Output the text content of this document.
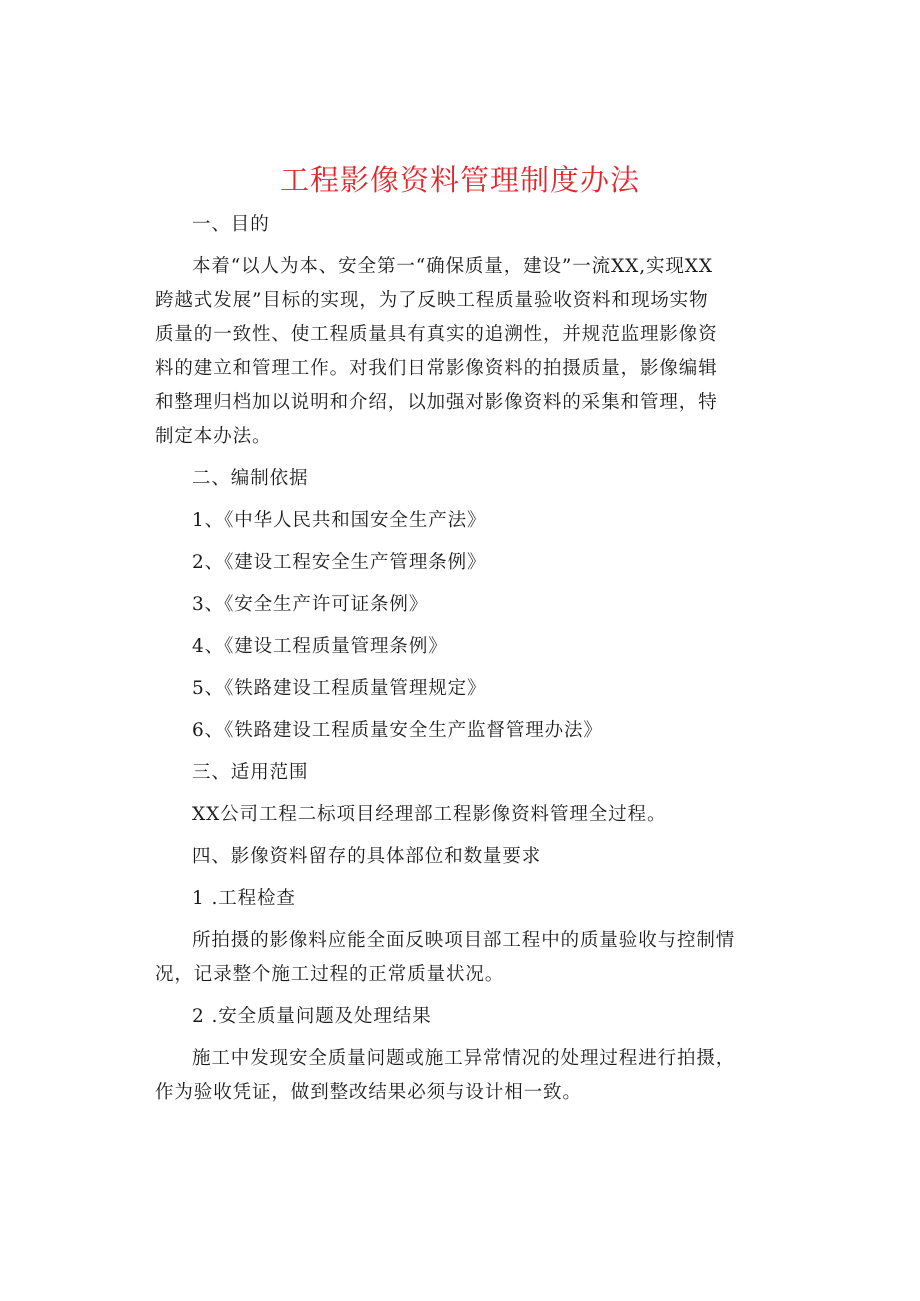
工程影像资料管理制度办法

一、目的

本着“以人为本、安全第一“确保质量，建设”一流XX,实现XX
跨越式发展”目标的实现，为了反映工程质量验收资料和现场实物
质量的一致性、使工程质量具有真实的追溯性，并规范监理影像资
料的建立和管理工作。对我们日常影像资料的拍摄质量，影像编辑
和整理归档加以说明和介绍，以加强对影像资料的采集和管理，特
制定本办法。

二、编制依据

1、《中华人民共和国安全生产法》

2、《建设工程安全生产管理条例》

3、《安全生产许可证条例》

4、《建设工程质量管理条例》

5、《铁路建设工程质量管理规定》

6、《铁路建设工程质量安全生产监督管理办法》

三、适用范围

XX公司工程二标项目经理部工程影像资料管理全过程。

四、影像资料留存的具体部位和数量要求

1 .工程检查

所拍摄的影像料应能全面反映项目部工程中的质量验收与控制情
况，记录整个施工过程的正常质量状况。

2 .安全质量问题及处理结果

施工中发现安全质量问题或施工异常情况的处理过程进行拍摄，
作为验收凭证，做到整改结果必须与设计相一致。
